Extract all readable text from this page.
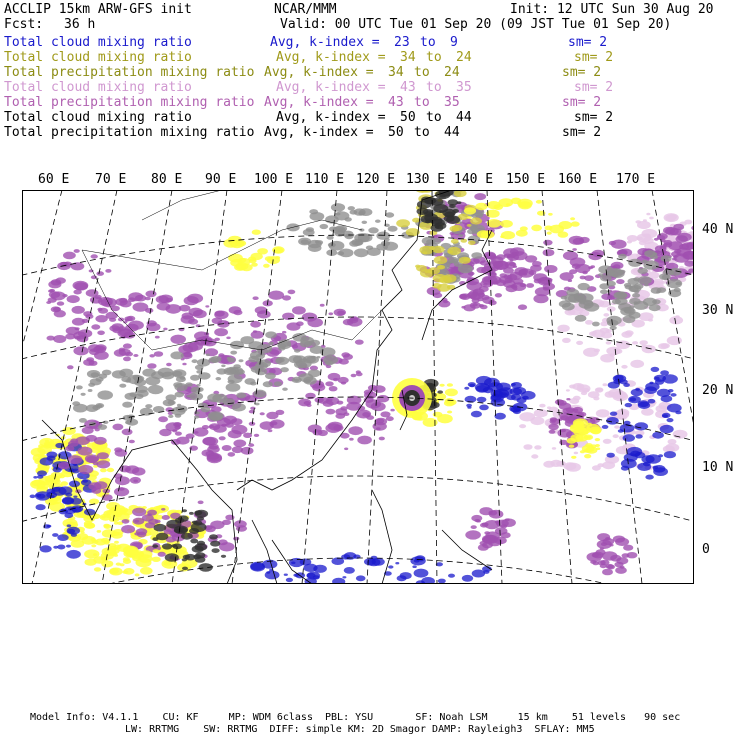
ACCLIP 15km ARW-GFS init	NCAR/MMM	Init: 12 UTC Sun 30 Aug 20
Fcst: 36 h	Valid: 00 UTC Tue 01 Sep 20 (09 JST Tue 01 Sep 20)
Total cloud mixing ratio	Avg, k-index = 23 to 9	sm= 2
Total cloud mixing ratio	Avg, k-index = 34 to 24	sm= 2
Total precipitation mixing ratio Avg, k-index = 34 to 24	sm= 2
Total cloud mixing ratio	Avg, k-index = 43 to 35	sm= 2
Total precipitation mixing ratio Avg, k-index = 43 to 35	sm= 2
Total cloud mixing ratio	Avg, k-index = 50 to 44	sm= 2
Total precipitation mixing ratio Avg, k-index = 50 to 44	sm= 2
60 E 70 E 80 E 90 E 100 E 110 E 120 E 130 E 140 E 150 E 160 E 170 E
40 N
30 N
20 N
10 N
0
Model Info: V4.1.1    CU: KF     MP: WDM 6class  PBL: YSU       SF: Noah LSM     15 km    51 levels   90 sec
LW: RRTMG    SW: RRTMG  DIFF: simple KM: 2D Smagor DAMP: Rayleigh3  SFLAY: MM5
